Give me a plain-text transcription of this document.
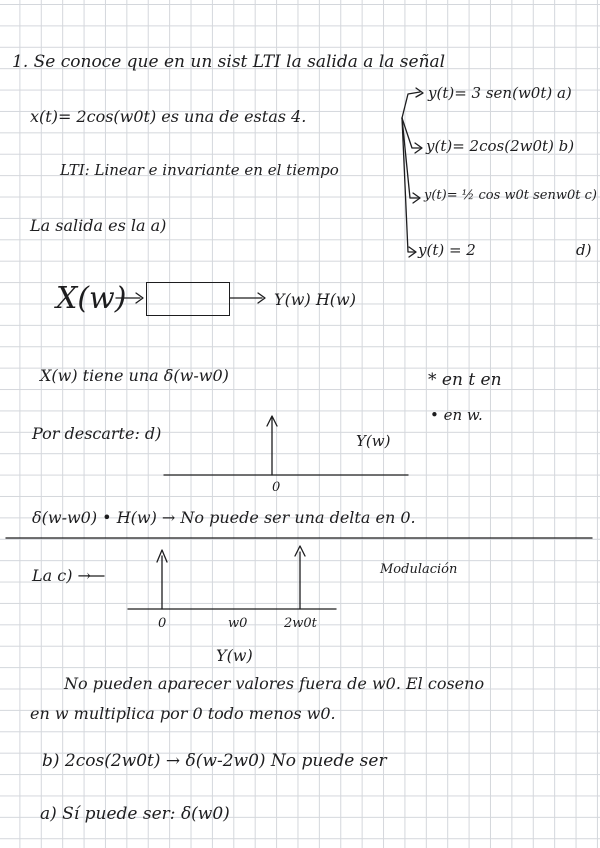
1. Se conoce que en un sist LTI la salida a la señal
x(t)= 2cos(w0t) es una de estas 4.
LTI: Linear e invariante en el tiempo
La salida es la a)
y(t)= 3 sen(w0t) a)
y(t)= 2cos(2w0t) b)
y(t)= ½ cos w0t senw0t c)
y(t) = 2	d)
X(w)	Y(w) H(w)
X(w) tiene una δ(w-w0)	* en t en
• en w.
Por descarte: d)	Y(w)
0
δ(w-w0) • H(w) → No puede ser una delta en 0.
La c) →	Modulación
0	w0	2w0t
Y(w)
No pueden aparecer valores fuera de w0. El coseno
en w multiplica por 0 todo menos w0.
b) 2cos(2w0t) → δ(w-2w0) No puede ser
a) Sí puede ser: δ(w0)
